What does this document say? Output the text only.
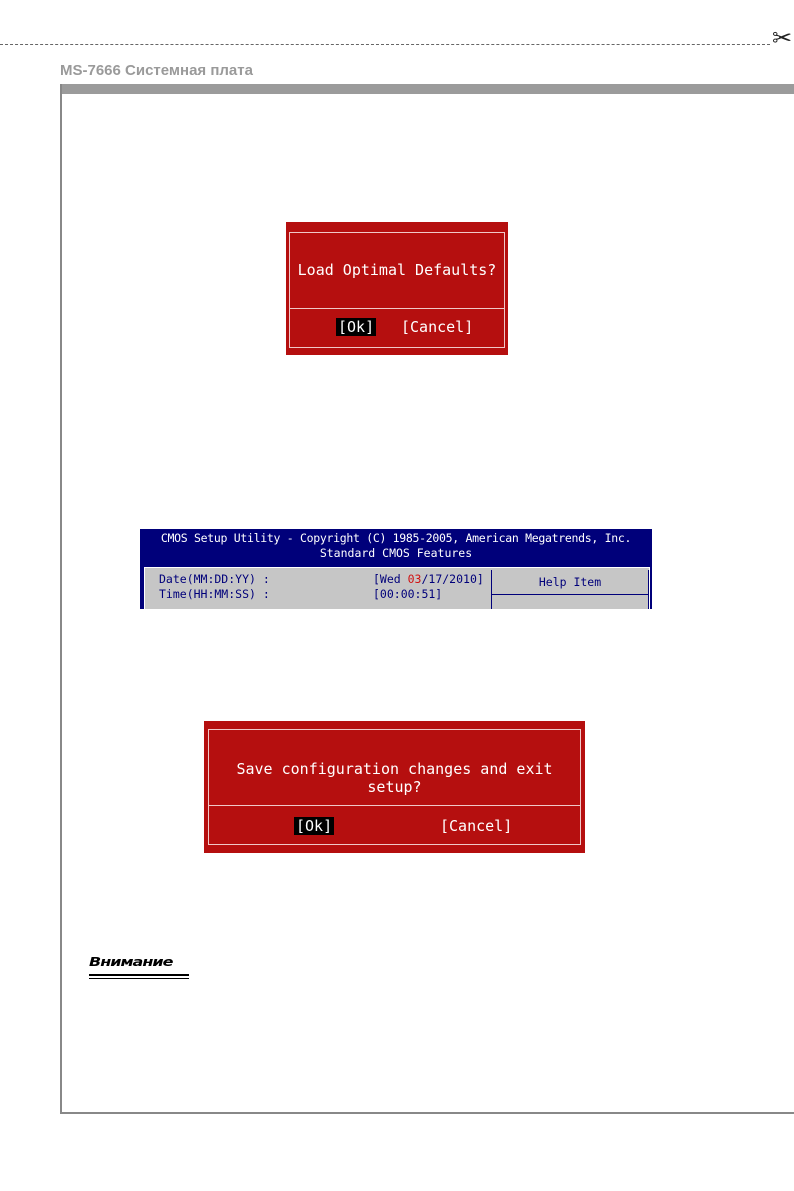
✂
MS-7666 Системная плата
Load Optimal Defaults?
[Ok] [Cancel]
CMOS Setup Utility - Copyright (C) 1985-2005, American Megatrends, Inc.
Standard CMOS Features
Date(MM:DD:YY) :	[Wed 03/17/2010]
Time(HH:MM:SS) :	[00:00:51]
Help Item
Save configuration changes and exit setup?
[Ok]	[Cancel]
Внимание
